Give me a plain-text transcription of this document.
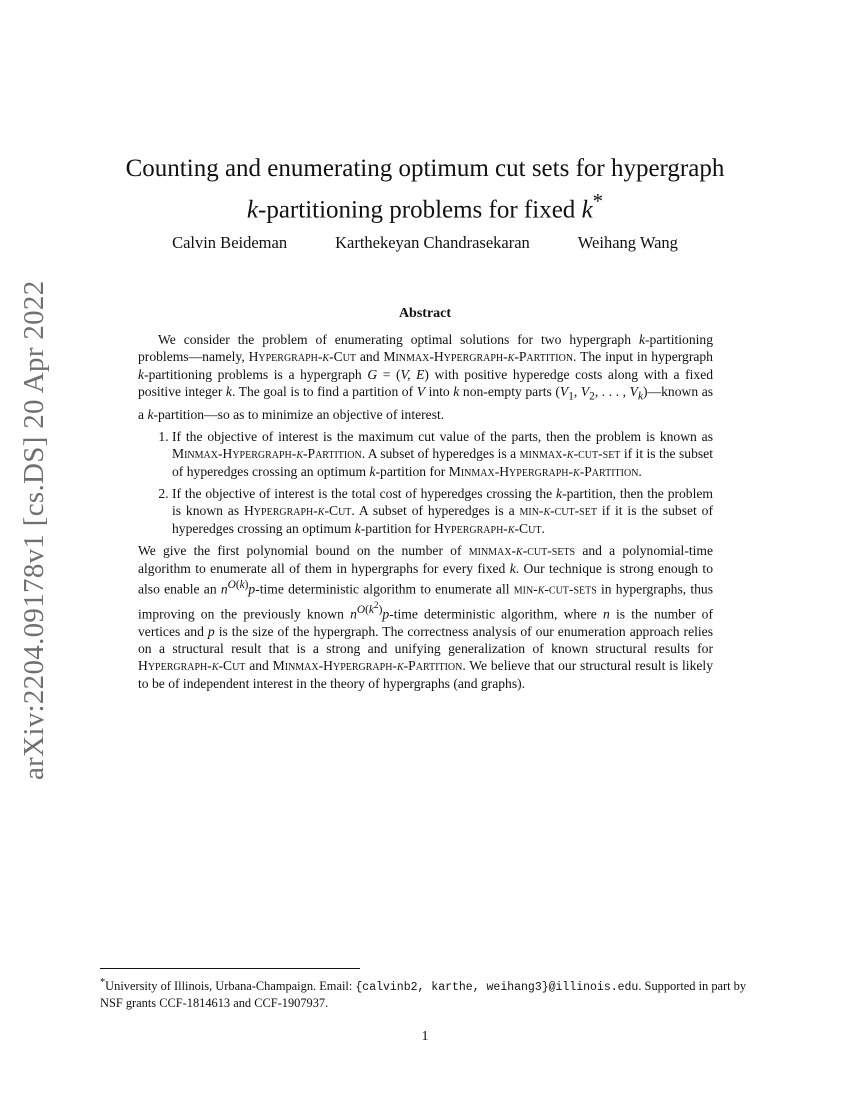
arXiv:2204.09178v1 [cs.DS] 20 Apr 2022
Counting and enumerating optimum cut sets for hypergraph
k-partitioning problems for fixed k*
Calvin Beideman	Karthekeyan Chandrasekaran	Weihang Wang
Abstract

We consider the problem of enumerating optimal solutions for two hypergraph k-partitioning problems—namely, Hypergraph-k-Cut and Minmax-Hypergraph-k-Partition. The input in hypergraph k-partitioning problems is a hypergraph G = (V, E) with positive hyperedge costs along with a fixed positive integer k. The goal is to find a partition of V into k non-empty parts ($V_1$, $V_2$, . . . , $V_k)—known$ as a k-partition—so as to minimize an objective of interest.

1. If the objective of interest is the maximum cut value of the parts, then the problem is known as Minmax-Hypergraph-k-Partition. A subset of hyperedges is a minmax-k-cut-set if it is the subset of hyperedges crossing an optimum k-partition for Minmax-Hypergraph-k-Partition.
2. If the objective of interest is the total cost of hyperedges crossing the k-partition, then the problem is known as Hypergraph-k-Cut. A subset of hyperedges is a min-k-cut-set if it is the subset of hyperedges crossing an optimum k-partition for Hypergraph-k-Cut.

We give the first polynomial bound on the number of minmax-k-cut-sets and a polynomial-time algorithm to enumerate all of them in hypergraphs for every fixed k. Our technique is strong enough to also enable an $n^{O(k)}p$-time deterministic algorithm to enumerate all min-k-cut-sets in hypergraphs, thus improving on the previously known $n^{O(k^2)}p$-time deterministic algorithm, where n is the number of vertices and p is the size of the hypergraph. The correctness analysis of our enumeration approach relies on a structural result that is a strong and unifying generalization of known structural results for Hypergraph-k-Cut and Minmax-Hypergraph-k-Partition. We believe that our structural result is likely to be of independent interest in the theory of hypergraphs (and graphs).

*University of Illinois, Urbana-Champaign. Email: {calvinb2, karthe, weihang3}@illinois.edu. Supported in part by NSF grants CCF-1814613 and CCF-1907937.
1
